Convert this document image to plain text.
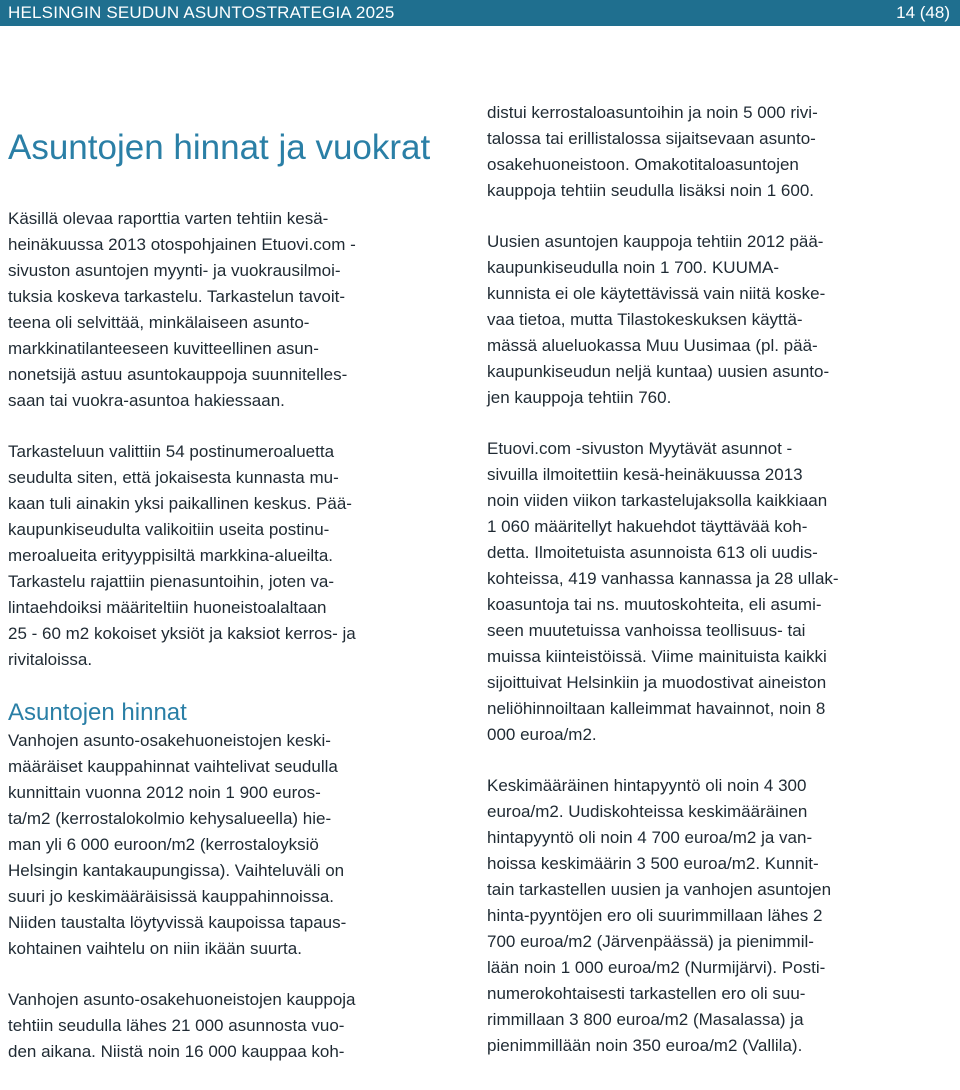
HELSINGIN SEUDUN ASUNTOSTRATEGIA 2025	14 (48)
Asuntojen hinnat ja vuokrat

Käsillä olevaa raporttia varten tehtiin kesä-
heinäkuussa 2013 otospohjainen Etuovi.com -
sivuston asuntojen myynti- ja vuokrausilmoi-
tuksia koskeva tarkastelu. Tarkastelun tavoit-
teena oli selvittää, minkälaiseen asunto-
markkinatilanteeseen kuvitteellinen asun-
nonetsijä astuu asuntokauppoja suunnitelles-
saan tai vuokra-asuntoa hakiessaan.

Tarkasteluun valittiin 54 postinumeroaluetta
seudulta siten, että jokaisesta kunnasta mu-
kaan tuli ainakin yksi paikallinen keskus. Pää-
kaupunkiseudulta valikoitiin useita postinu-
meroalueita erityyppisiltä markkina-alueilta.
Tarkastelu rajattiin pienasuntoihin, joten va-
lintaehdoiksi määriteltiin huoneistoalaltaan
25 - 60 m2 kokoiset yksiöt ja kaksiot kerros- ja
rivitaloissa.

Asuntojen hinnat

Vanhojen asunto-osakehuoneistojen keski-
määräiset kauppahinnat vaihtelivat seudulla
kunnittain vuonna 2012 noin 1 900 euros-
ta/m2 (kerrostalokolmio kehysalueella) hie-
man yli 6 000 euroon/m2 (kerrostaloyksiö
Helsingin kantakaupungissa). Vaihteluväli on
suuri jo keskimääräisissä kauppahinnoissa.
Niiden taustalta löytyvissä kaupoissa tapaus-
kohtainen vaihtelu on niin ikään suurta.

Vanhojen asunto-osakehuoneistojen kauppoja
tehtiin seudulla lähes 21 000 asunnosta vuo-
den aikana. Niistä noin 16 000 kauppaa koh-

distui kerrostaloasuntoihin ja noin 5 000 rivi-
talossa tai erillistalossa sijaitsevaan asunto-
osakehuoneistoon. Omakotitaloasuntojen
kauppoja tehtiin seudulla lisäksi noin 1 600.

Uusien asuntojen kauppoja tehtiin 2012 pää-
kaupunkiseudulla noin 1 700. KUUMA-
kunnista ei ole käytettävissä vain niitä koske-
vaa tietoa, mutta Tilastokeskuksen käyttä-
mässä alueluokassa Muu Uusimaa (pl. pää-
kaupunkiseudun neljä kuntaa) uusien asunto-
jen kauppoja tehtiin 760.

Etuovi.com -sivuston Myytävät asunnot -
sivuilla ilmoitettiin kesä-heinäkuussa 2013
noin viiden viikon tarkastelujaksolla kaikkiaan
1 060 määritellyt hakuehdot täyttävää koh-
detta. Ilmoitetuista asunnoista 613 oli uudis-
kohteissa, 419 vanhassa kannassa ja 28 ullak-
koasuntoja tai ns. muutoskohteita, eli asumi-
seen muutetuissa vanhoissa teollisuus- tai
muissa kiinteistöissä. Viime mainituista kaikki
sijoittuivat Helsinkiin ja muodostivat aineiston
neliöhinnoiltaan kalleimmat havainnot, noin 8
000 euroa/m2.

Keskimääräinen hintapyyntö oli noin 4 300
euroa/m2. Uudiskohteissa keskimääräinen
hintapyyntö oli noin 4 700 euroa/m2 ja van-
hoissa keskimäärin 3 500 euroa/m2. Kunnit-
tain tarkastellen uusien ja vanhojen asuntojen
hinta-pyyntöjen ero oli suurimmillaan lähes 2
700 euroa/m2 (Järvenpäässä) ja pienimmil-
lään noin 1 000 euroa/m2 (Nurmijärvi). Posti-
numerokohtaisesti tarkastellen ero oli suu-
rimmillaan 3 800 euroa/m2 (Masalassa) ja
pienimmillään noin 350 euroa/m2 (Vallila).
